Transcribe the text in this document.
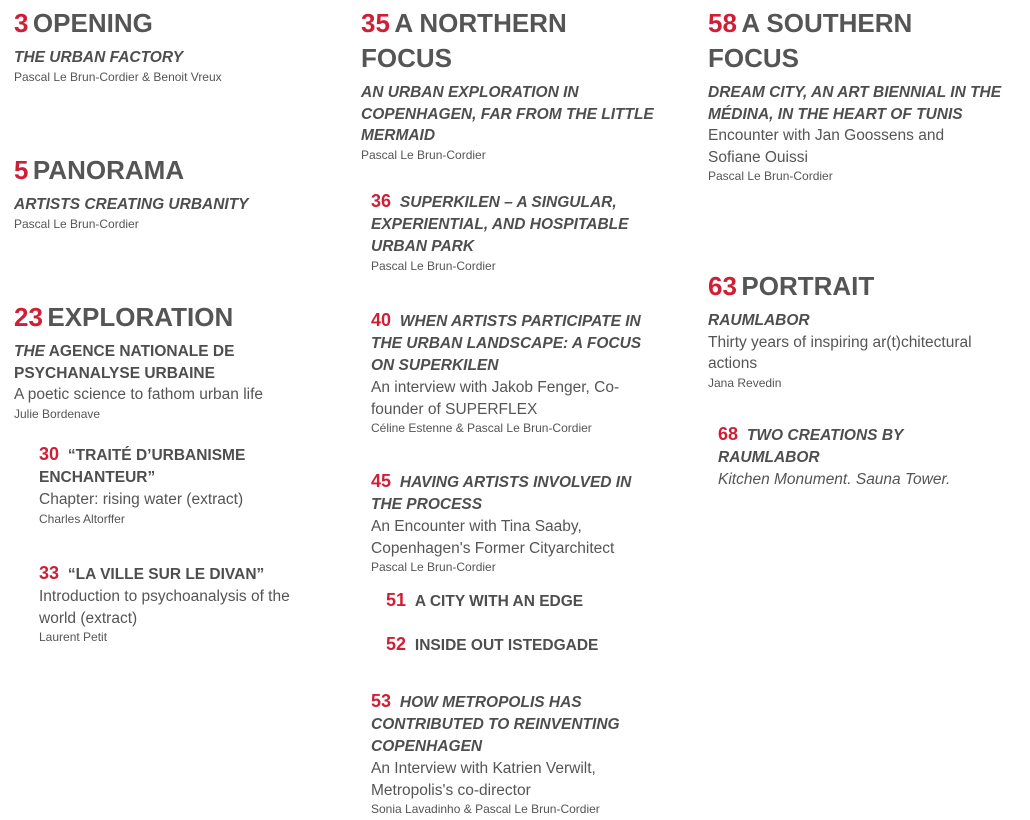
3 OPENING

THE URBAN FACTORY

Pascal Le Brun-Cordier & Benoit Vreux

5 PANORAMA

ARTISTS CREATING URBANITY

Pascal Le Brun-Cordier

23 EXPLORATION

THE AGENCE NATIONALE DE PSYCHANALYSE URBAINE

A poetic science to fathom urban life

Julie Bordenave

30 “TRAITÉ D’URBANISME ENCHANTEUR”

Chapter: rising water (extract)

Charles Altorffer

33 “LA VILLE SUR LE DIVAN”

Introduction to psychoanalysis of the world (extract)

Laurent Petit

35 A NORTHERN FOCUS

AN URBAN EXPLORATION IN COPENHAGEN, FAR FROM THE LITTLE MERMAID

Pascal Le Brun-Cordier

36 SUPERKILEN – A SINGULAR, EXPERIENTIAL, AND HOSPITABLE URBAN PARK

Pascal Le Brun-Cordier

40 WHEN ARTISTS PARTICIPATE IN THE URBAN LANDSCAPE: A FOCUS ON SUPERKILEN

An interview with Jakob Fenger, Co-founder of SUPERFLEX

Céline Estenne & Pascal Le Brun-Cordier

45 HAVING ARTISTS INVOLVED IN THE PROCESS

An Encounter with Tina Saaby, Copenhagen's Former Cityarchitect

Pascal Le Brun-Cordier

51 A CITY WITH AN EDGE

52 INSIDE OUT ISTEDGADE

53 HOW METROPOLIS HAS CONTRIBUTED TO REINVENTING COPENHAGEN

An Interview with Katrien Verwilt, Metropolis's co-director

Sonia Lavadinho & Pascal Le Brun-Cordier

58 A SOUTHERN FOCUS

DREAM CITY, AN ART BIENNIAL IN THE MÉDINA, IN THE HEART OF TUNIS

Encounter with Jan Goossens and Sofiane Ouissi

Pascal Le Brun-Cordier

63 PORTRAIT

RAUMLABOR

Thirty years of inspiring ar(t)chitectural actions

Jana Revedin

68 TWO CREATIONS BY RAUMLABOR

Kitchen Monument. Sauna Tower.
